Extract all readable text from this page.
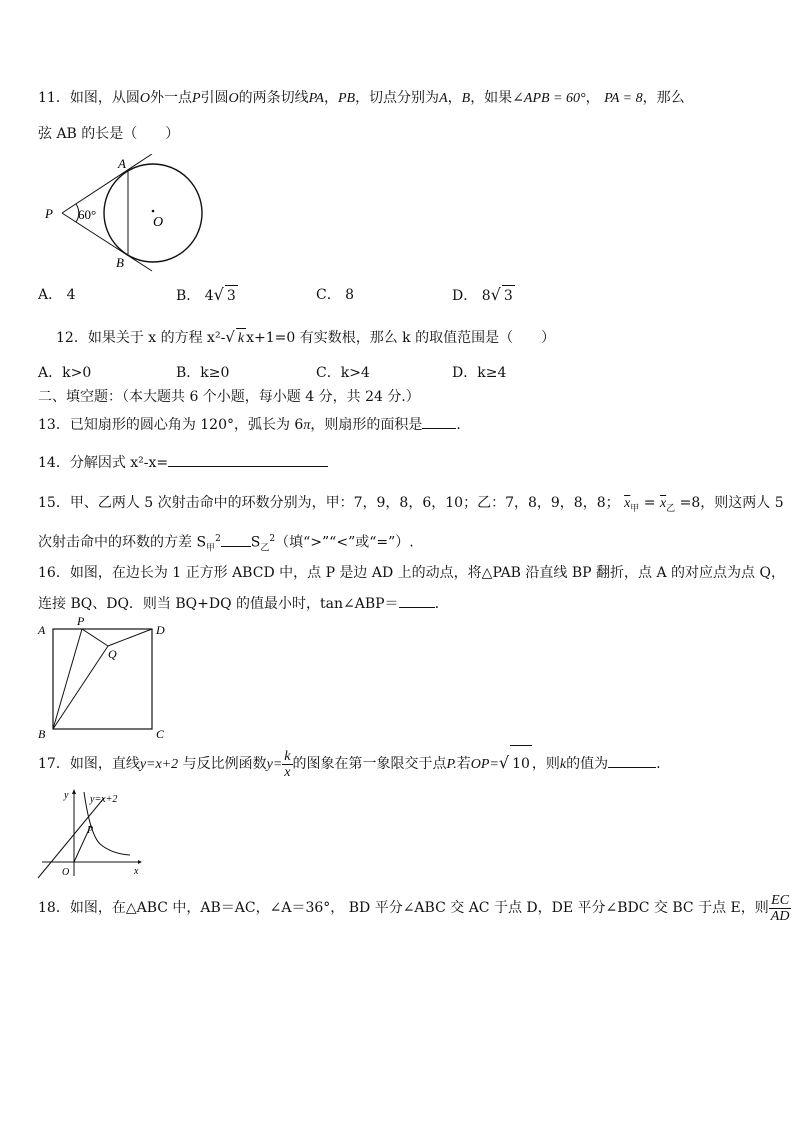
11．如图，从圆O外一点P引圆O的两条切线PA，PB，切点分别为A，B，如果∠APB = 60°， PA = 8，那么
弦 AB 的长是（　　）
A
B
P
O
60°
A． 4	B． 4√ 3	C． 8	D． 8√ 3
12．如果关于 x 的方程 x²-√ k x+1=0 有实数根，那么 k 的取值范围是（　　）
A．k>0	B．k≥0	C．k>4	D．k≥4
二、填空题：（本大题共 6 个小题，每小题 4 分，共 24 分.）
13．已知扇形的圆心角为 120°，弧长为 6π，则扇形的面积是 .
14．分解因式 x²-x=
15．甲、乙两人 5 次射击命中的环数分别为，甲：7，9，8，6，10；乙：7，8，9，8，8； $\overline{x}_甲 = \overline{x}_乙 =8$，则这两人 5
次射击命中的环数的方差 $S_甲^2$ $S_乙^2$（填“>”“<”或“=”）.
16．如图，在边长为 1 正方形 ABCD 中，点 P 是边 AD 上的动点，将△PAB 沿直线 BP 翻折，点 A 的对应点为点 Q，
连接 BQ、DQ．则当 BQ+DQ 的值最小时，tan∠ABP＝	.
A
P
D
Q
B	C
17．如图，直线y=x+2 与反比例函数$y= \frac{k}{x}$ 的图象在第一象限交于点P.若OP=√ 10 ，则k的值为	.
y y=x+2
P
O	x
18．如图，在△ABC 中，AB＝AC，∠A＝36°， BD 平分∠ABC 交 AC 于点 D，DE 平分∠BDC 交 BC 于点 E，则 $\frac{EC}{AD}$
